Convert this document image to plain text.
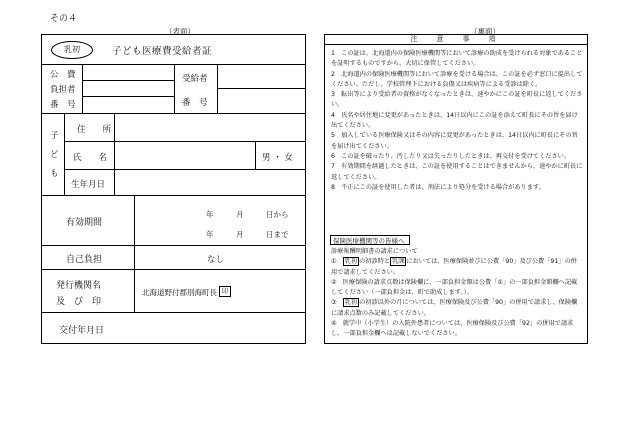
その４
（表面）	（裏面）
乳初	子ども医療費受給者証
公　費
負担者
番　号
受給者
番　号
子
ど
も
住　　所
氏　　名	男 ・ 女
生年月日
有効期間
年　　　月　　　日から
年　　　月　　　日まで
自己負担	なし
発行機関名
及　び　印
北海道野付郡別海町長 印
交付年月日
注　意　事　項

1　この証は、北海道内の保険医療機関等において診療の助成を受けられる対象であることを証明するものですから、大切に保管してください。

2　北海道内の保険医療機関等において診療を受ける場合は、この証を必ず窓口に提出してください。ただし、学校管理下における負傷又は疾病等による受診は除く。

3　転出等により受給者の資格がなくなったときは、速やかにこの証を町長に返してください。

4　氏名や居住地に変更があったときは、14日以内にこの証を添えて町長にその旨を届け出てください。

5　加入している医療保険又はその内容に変更があったときは、14日以内に町長にその旨を届け出てください。

6　この証を破ったり、汚したり又は失ったりしたときは、再交付を受けてください。

7　有効期間を経過したときは、この証を使用することはできませんから、速やかに町長に返してください。

8　不正にこの証を使用した者は、刑法により処分を受ける場合があります。

保険医療機関等の皆様へ

診療報酬明細書の請求について

①　 乳初 の初診時と 乳課 においては、医療保険並びに公費「90」及び公費「91」の併用で請求してください。

②　医療保険の請求点数は保険欄に、一部負担金額は公費「①」の一部負担金額欄へ記載してください（一部負担金は、町で助成します。）。

③　 乳初 の初診以外の月については、医療保険及び公費「90」の併用で請求し、保険欄に請求点数のみ記載してください。

④　就学中（小学生）の入院外患者については、医療保険及び公費「92」の併用で請求し、一部負担金欄へは記載しないでください。
